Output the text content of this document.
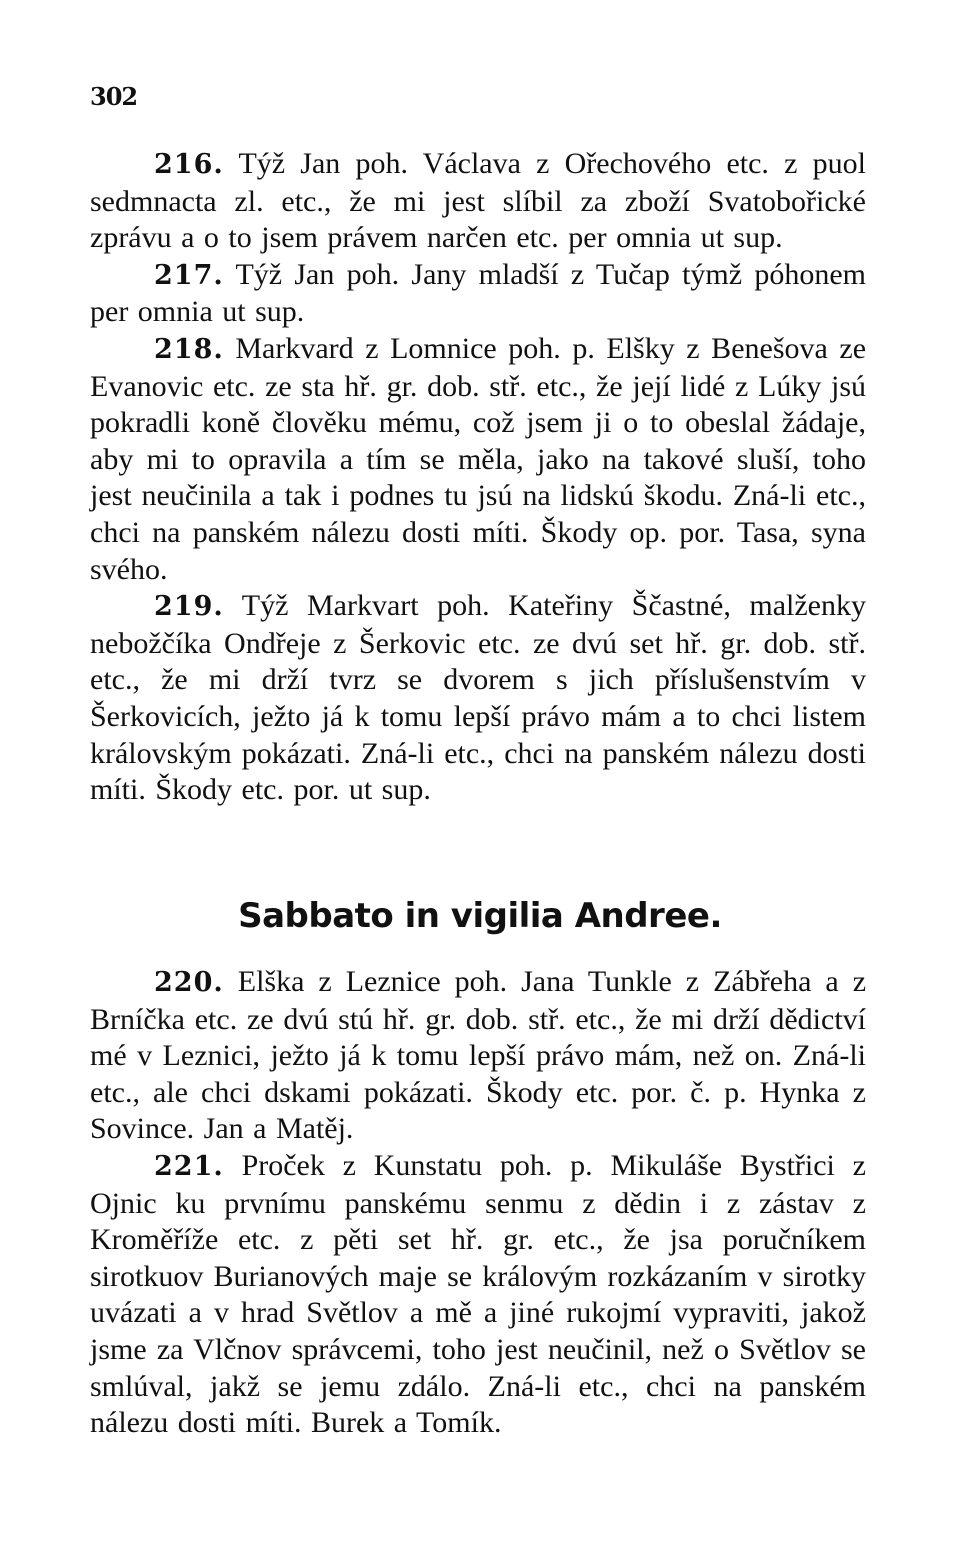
302

216. Týž Jan poh. Václava z Ořechového etc. z puol sedmnacta zl. etc., že mi jest slíbil za zboží Svatobořické zprávu a o to jsem právem narčen etc. per omnia ut sup.

217. Týž Jan poh. Jany mladší z Tučap týmž póhonem per omnia ut sup.

218. Markvard z Lomnice poh. p. Elšky z Benešova ze Evanovic etc. ze sta hř. gr. dob. stř. etc., že její lidé z Lúky jsú pokradli koně člověku mému, což jsem ji o to obeslal žádaje, aby mi to opravila a tím se měla, jako na takové sluší, toho jest neučinila a tak i podnes tu jsú na lidskú škodu. Zná-li etc., chci na panském nálezu dosti míti. Škody op. por. Tasa, syna svého.

219. Týž Markvart poh. Kateřiny Ščastné, malženky nebožčíka Ondřeje z Šerkovic etc. ze dvú set hř. gr. dob. stř. etc., že mi drží tvrz se dvorem s jich příslušenstvím v Šerkovicích, ježto já k tomu lepší právo mám a to chci listem královským pokázati. Zná-li etc., chci na panském nálezu dosti míti. Škody etc. por. ut sup.

Sabbato in vigilia Andree.

220. Elška z Leznice poh. Jana Tunkle z Zábřeha a z Brníčka etc. ze dvú stú hř. gr. dob. stř. etc., že mi drží dědictví mé v Leznici, ježto já k tomu lepší právo mám, než on. Zná-li etc., ale chci dskami pokázati. Škody etc. por. č. p. Hynka z Sovince. Jan a Matěj.

221. Proček z Kunstatu poh. p. Mikuláše Bystřici z Ojnic ku prvnímu panskému senmu z dědin i z zástav z Kroměříže etc. z pěti set hř. gr. etc., že jsa poručníkem sirotkuov Burianových maje se královým rozkázaním v sirotky uvázati a v hrad Světlov a mě a jiné rukojmí vypraviti, jakož jsme za Vlčnov správcemi, toho jest neučinil, než o Světlov se smlúval, jakž se jemu zdálo. Zná-li etc., chci na panském nálezu dosti míti. Burek a Tomík.
